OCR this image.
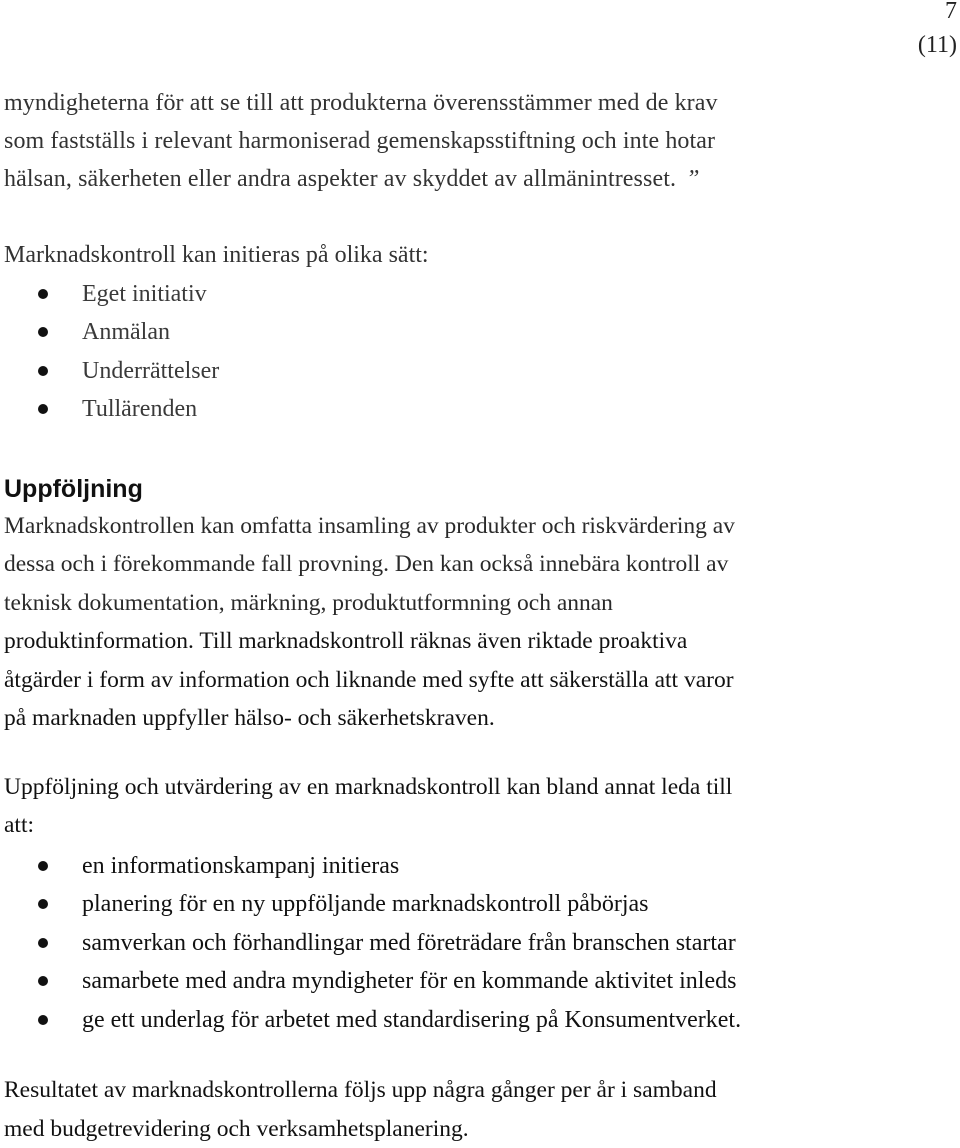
7
(11)

myndigheterna för att se till att produkterna överensstämmer med de krav

som fastställs i relevant harmoniserad gemenskapsstiftning och inte hotar

hälsan, säkerheten eller andra aspekter av skyddet av allmänintresset. ”

Marknadskontroll kan initieras på olika sätt:

Eget initiativ
Anmälan
Underrättelser
Tullärenden
Uppföljning

Marknadskontrollen kan omfatta insamling av produkter och riskvärdering av

dessa och i förekommande fall provning. Den kan också innebära kontroll av

teknisk dokumentation, märkning, produktutformning och annan

produktinformation. Till marknadskontroll räknas även riktade proaktiva

åtgärder i form av information och liknande med syfte att säkerställa att varor

på marknaden uppfyller hälso- och säkerhetskraven.

Uppföljning och utvärdering av en marknadskontroll kan bland annat leda till

att:

en informationskampanj initieras
planering för en ny uppföljande marknadskontroll påbörjas
samverkan och förhandlingar med företrädare från branschen startar
samarbete med andra myndigheter för en kommande aktivitet inleds
ge ett underlag för arbetet med standardisering på Konsumentverket.

Resultatet av marknadskontrollerna följs upp några gånger per år i samband

med budgetrevidering och verksamhetsplanering.
